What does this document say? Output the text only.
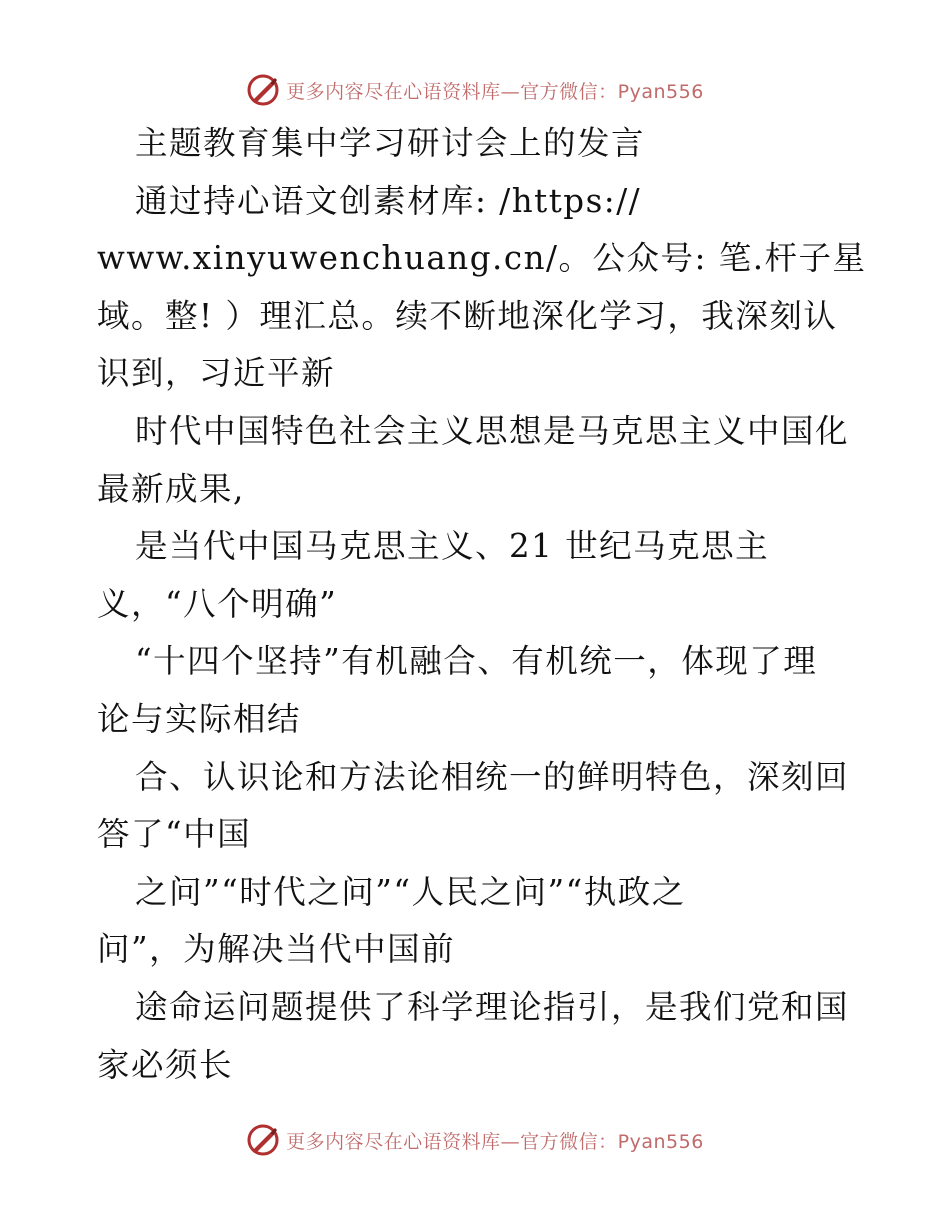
更多内容尽在心语资料库—官方微信：Pyan556
主题教育集中学习研讨会上的发言
通过持心语文创素材库: /https://
www.xinyuwenchuang.cn/。公众号: 笔.杆子星
域。整! ）理汇总。续不断地深化学习，我深刻认
识到，习近平新
时代中国特色社会主义思想是马克思主义中国化
最新成果,
是当代中国马克思主义、21 世纪马克思主
义，“八个明确”
“十四个坚持”有机融合、有机统一，体现了理
论与实际相结
合、认识论和方法论相统一的鲜明特色，深刻回
答了“中国
之问”“时代之问”“人民之问”“执政之
问”，为解决当代中国前
途命运问题提供了科学理论指引，是我们党和国
家必须长
更多内容尽在心语资料库—官方微信：Pyan556
